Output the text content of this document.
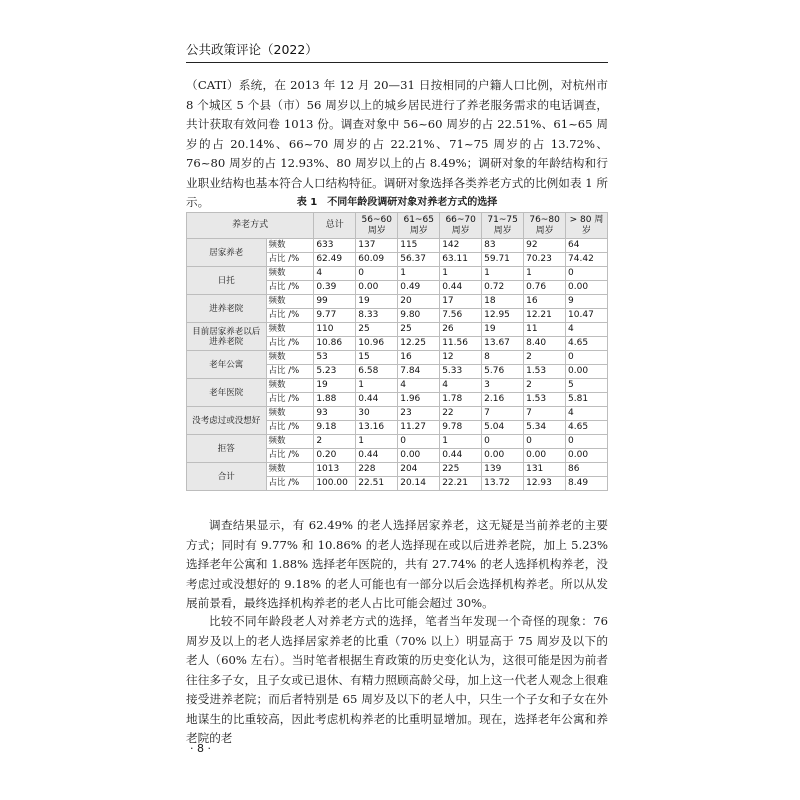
公共政策评论（2022）

（CATI）系统，在 2013 年 12 月 20—31 日按相同的户籍人口比例，对杭州市 8 个城区 5 个县（市）56 周岁以上的城乡居民进行了养老服务需求的电话调查，共计获取有效问卷 1013 份。调查对象中 56~60 周岁的占 22.51%、61~65 周岁的占 20.14%、66~70 周岁的占 22.21%、71~75 周岁的占 13.72%、76~80 周岁的占 12.93%、80 周岁以上的占 8.49%；调研对象的年龄结构和行业职业结构也基本符合人口结构特征。调研对象选择各类养老方式的比例如表 1 所示。	表 1　不同年龄段调研对象对养老方式的选择
养老方式		总计	56~60 周岁	61~65 周岁	66~70 周岁	71~75 周岁	76~80 周岁	> 80 周岁
居家养老	频数	633	137	115	142	83	92	64
	占比 /%	62.49	60.09	56.37	63.11	59.71	70.23	74.42
日托	频数	4	0	1	1	1	1	0
	占比 /%	0.39	0.00	0.49	0.44	0.72	0.76	0.00
进养老院	频数	99	19	20	17	18	16	9
	占比 /%	9.77	8.33	9.80	7.56	12.95	12.21	10.47
目前居家养老以后进养老院	频数	110	25	25	26	19	11	4
	占比 /%	10.86	10.96	12.25	11.56	13.67	8.40	4.65
老年公寓	频数	53	15	16	12	8	2	0
	占比 /%	5.23	6.58	7.84	5.33	5.76	1.53	0.00
老年医院	频数	19	1	4	4	3	2	5
	占比 /%	1.88	0.44	1.96	1.78	2.16	1.53	5.81
没考虑过或没想好	频数	93	30	23	22	7	7	4
	占比 /%	9.18	13.16	11.27	9.78	5.04	5.34	4.65
拒答	频数	2	1	0	1	0	0	0
	占比 /%	0.20	0.44	0.00	0.44	0.00	0.00	0.00
合计	频数	1013	228	204	225	139	131	86
	占比 /%	100.00	22.51	20.14	22.21	13.72	12.93	8.49

调查结果显示，有 62.49% 的老人选择居家养老，这无疑是当前养老的主要方式；同时有 9.77% 和 10.86% 的老人选择现在或以后进养老院，加上 5.23% 选择老年公寓和 1.88% 选择老年医院的，共有 27.74% 的老人选择机构养老，没考虑过或没想好的 9.18% 的老人可能也有一部分以后会选择机构养老。所以从发展前景看，最终选择机构养老的老人占比可能会超过 30%。

比较不同年龄段老人对养老方式的选择，笔者当年发现一个奇怪的现象：76 周岁及以上的老人选择居家养老的比重（70% 以上）明显高于 75 周岁及以下的老人（60% 左右）。当时笔者根据生育政策的历史变化认为，这很可能是因为前者往往多子女，且子女或已退休、有精力照顾高龄父母，加上这一代老人观念上很难接受进养老院；而后者特别是 65 周岁及以下的老人中，只生一个子女和子女在外地谋生的比重较高，因此考虑机构养老的比重明显增加。现在，选择老年公寓和养老院的老

· 8 ·
